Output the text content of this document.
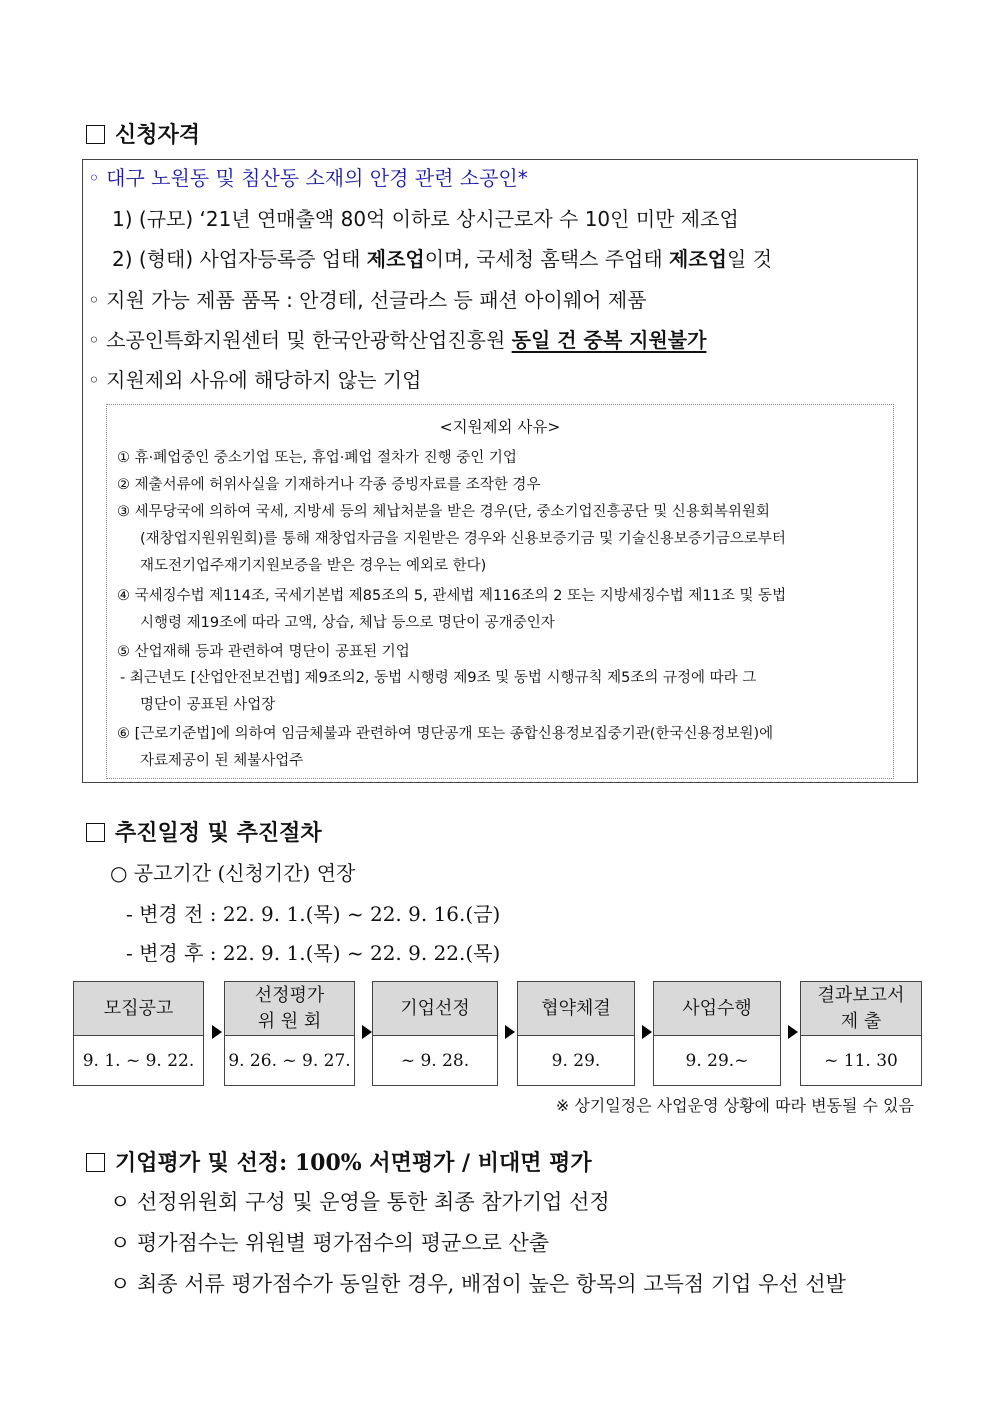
신청자격
◦ 대구 노원동 및 침산동 소재의 안경 관련 소공인*
1) (규모) ‘21년 연매출액 80억 이하로 상시근로자 수 10인 미만 제조업
2) (형태) 사업자등록증 업태 제조업이며, 국세청 홈택스 주업태 제조업일 것
◦ 지원 가능 제품 품목 : 안경테, 선글라스 등 패션 아이웨어 제품
◦ 소공인특화지원센터 및 한국안광학산업진흥원 동일 건 중복 지원불가
◦ 지원제외 사유에 해당하지 않는 기업
<지원제외 사유>
① 휴·폐업중인 중소기업 또는, 휴업·폐업 절차가 진행 중인 기업
② 제출서류에 허위사실을 기재하거나 각종 증빙자료를 조작한 경우
③ 세무당국에 의하여 국세, 지방세 등의 체납처분을 받은 경우(단, 중소기업진흥공단 및 신용회복위원회
(재창업지원위원회)를 통해 재창업자금을 지원받은 경우와 신용보증기금 및 기술신용보증기금으로부터
재도전기업주재기지원보증을 받은 경우는 예외로 한다)
④ 국세징수법 제114조, 국세기본법 제85조의 5, 관세법 제116조의 2 또는 지방세징수법 제11조 및 동법
시행령 제19조에 따라 고액, 상습, 체납 등으로 명단이 공개중인자
⑤ 산업재해 등과 관련하여 명단이 공표된 기업
- 최근년도 [산업안전보건법] 제9조의2, 동법 시행령 제9조 및 동법 시행규칙 제5조의 규정에 따라 그
명단이 공표된 사업장
⑥ [근로기준법]에 의하여 임금체불과 관련하여 명단공개 또는 종합신용정보집중기관(한국신용정보원)에
자료제공이 된 체불사업주
추진일정 및 추진절차
○ 공고기간 (신청기간) 연장
- 변경 전 : 22. 9. 1.(목) ~ 22. 9. 16.(금)
- 변경 후 : 22. 9. 1.(목) ~ 22. 9. 22.(목)
모집공고
9. 1. ~ 9. 22.
선정평가
위 원 회
9. 26. ~ 9. 27.
기업선정
~ 9. 28.
협약체결
9. 29.
사업수행
9. 29.~
결과보고서
제 출
~ 11. 30
※ 상기일정은 사업운영 상황에 따라 변동될 수 있음
기업평가 및 선정: 100% 서면평가 / 비대면 평가
ㅇ 선정위원회 구성 및 운영을 통한 최종 참가기업 선정
ㅇ 평가점수는 위원별 평가점수의 평균으로 산출
ㅇ 최종 서류 평가점수가 동일한 경우, 배점이 높은 항목의 고득점 기업 우선 선발
